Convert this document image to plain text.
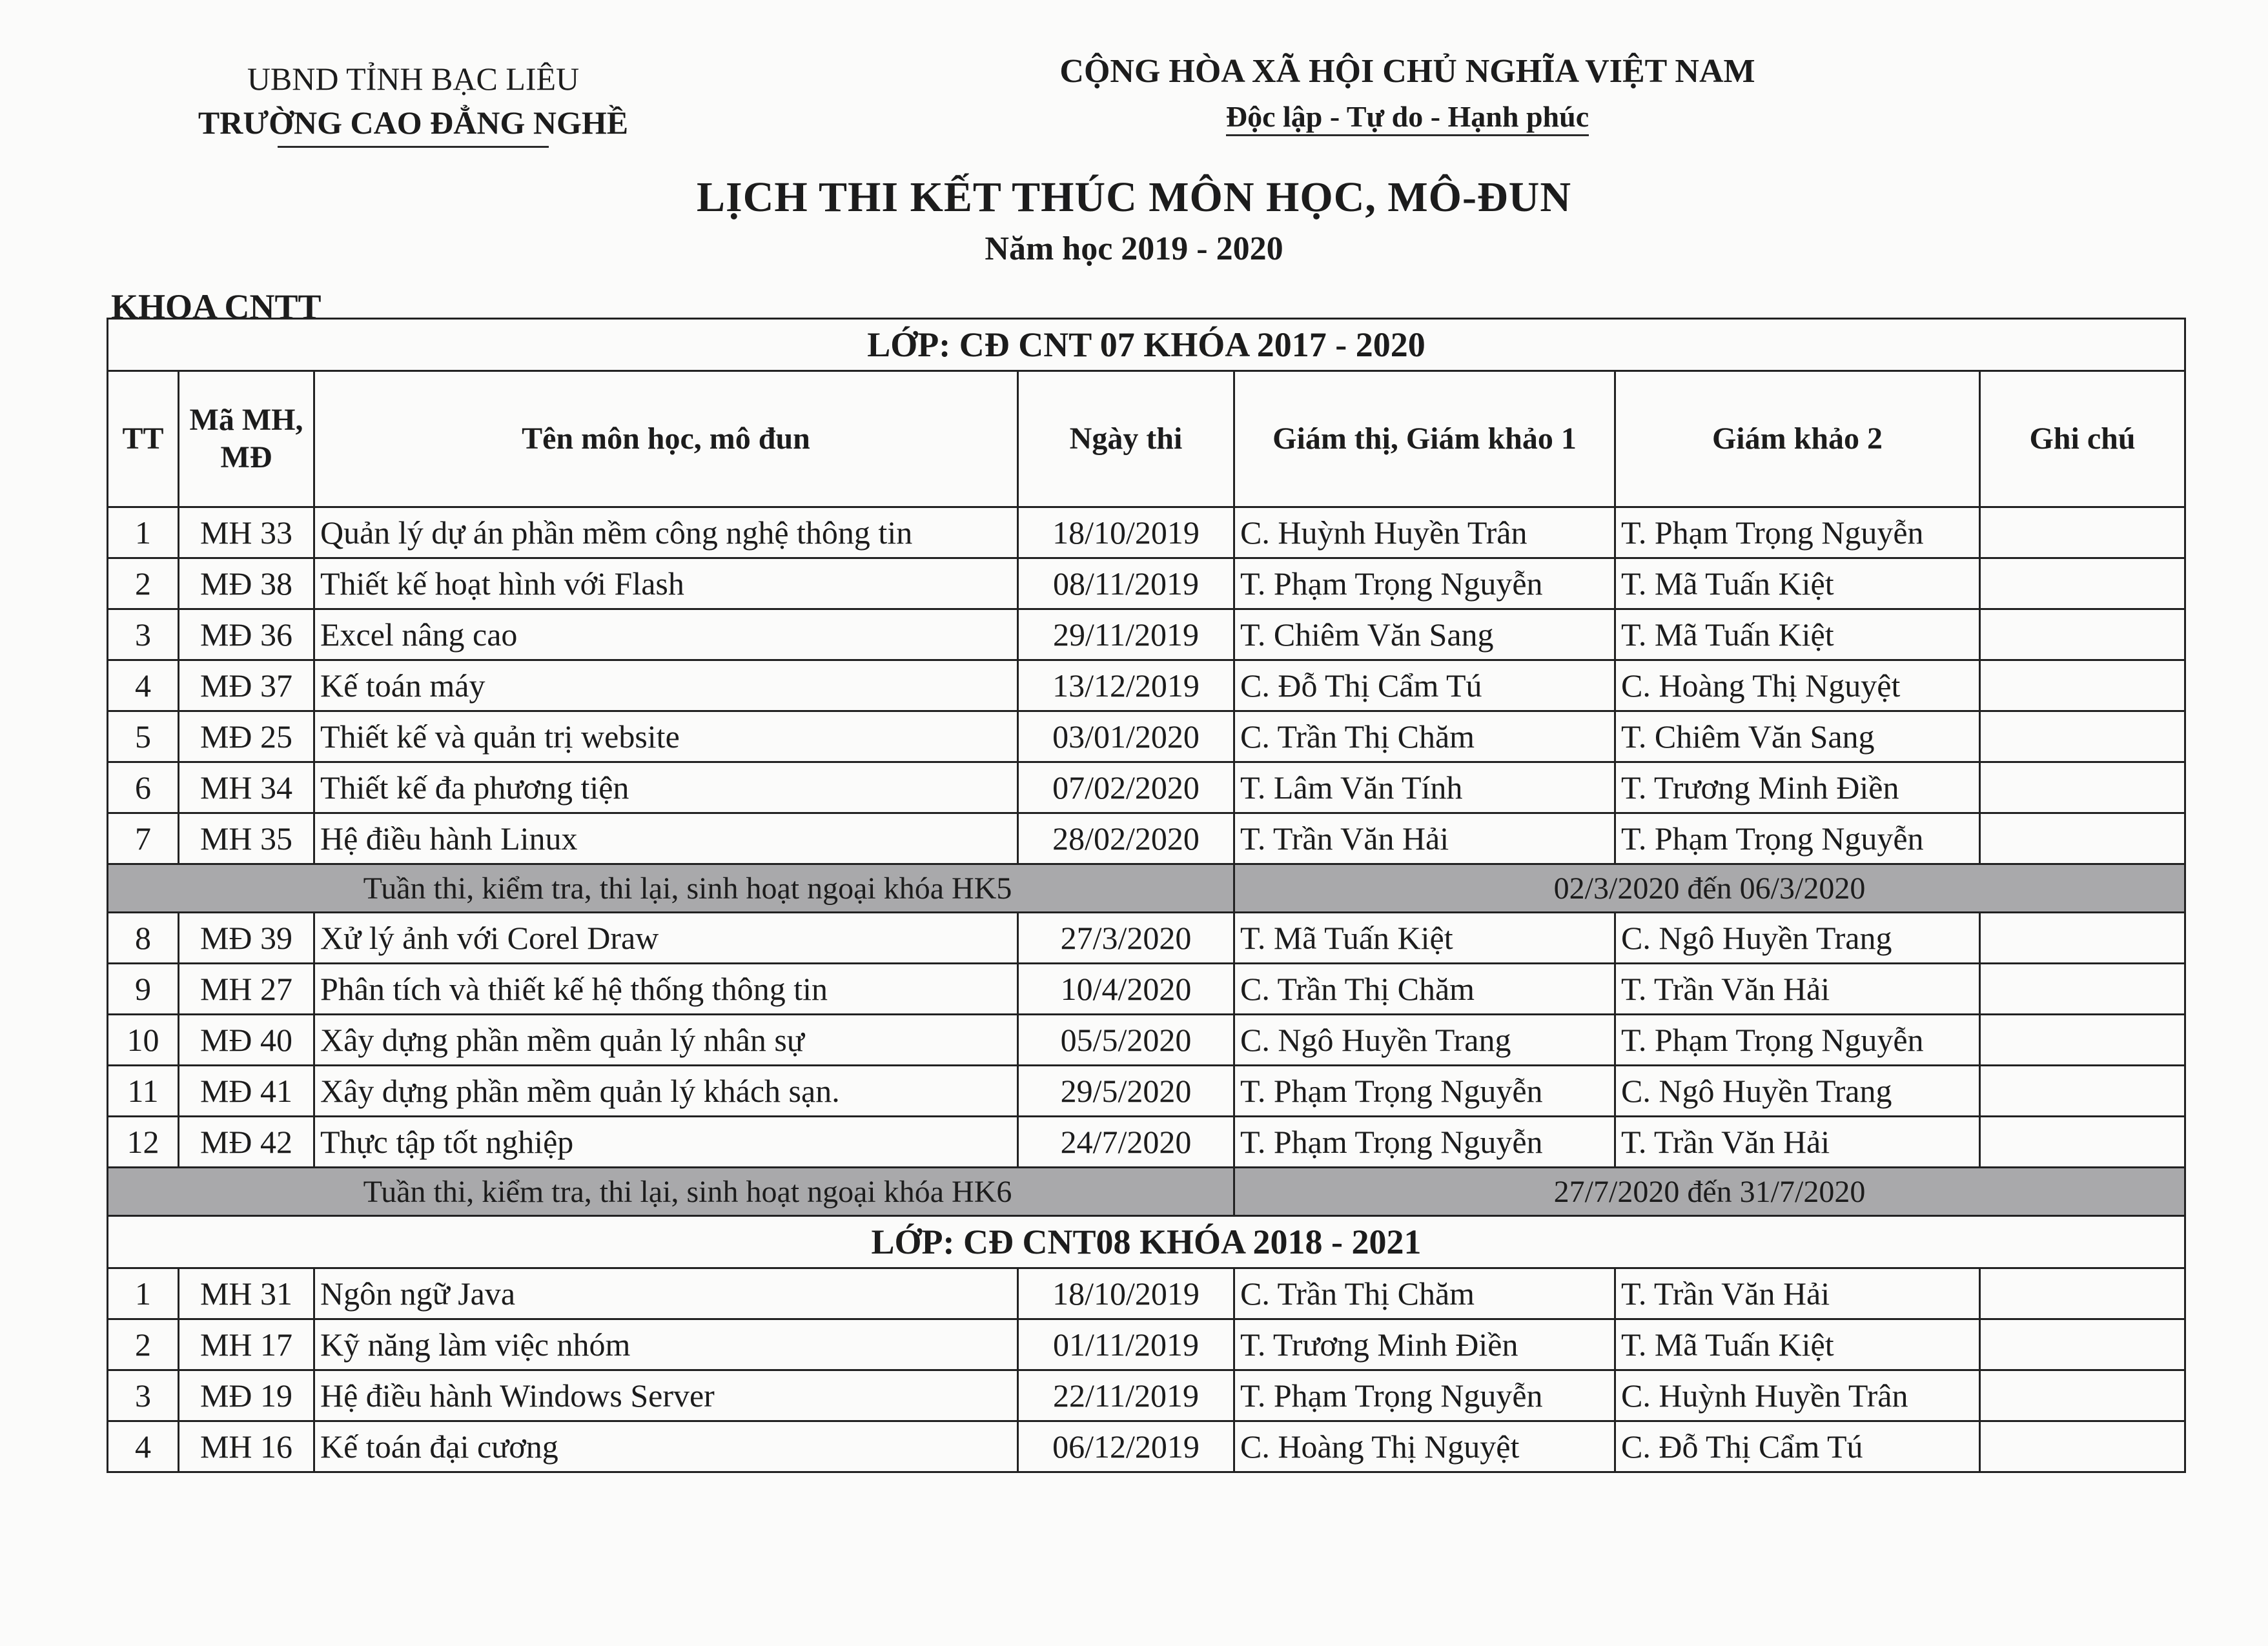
UBND TỈNH BẠC LIÊU
TRƯỜNG CAO ĐẲNG NGHỀ
CỘNG HÒA XÃ HỘI CHỦ NGHĨA VIỆT NAM
Độc lập - Tự do - Hạnh phúc
LỊCH THI KẾT THÚC MÔN HỌC, MÔ-ĐUN
Năm học 2019 - 2020
KHOA CNTT
LỚP: CĐ CNT 07 KHÓA 2017 - 2020						
TT	Mã MH, MĐ	Tên môn học, mô đun	Ngày thi	Giám thị, Giám khảo 1	Giám khảo 2	Ghi chú
1	MH 33	Quản lý dự án phần mềm công nghệ thông tin	18/10/2019	C. Huỳnh Huyền Trân	T. Phạm Trọng Nguyễn	
2	MĐ 38	Thiết kế hoạt hình với Flash	08/11/2019	T. Phạm Trọng Nguyễn	T. Mã Tuấn Kiệt	
3	MĐ 36	Excel nâng cao	29/11/2019	T. Chiêm Văn Sang	T. Mã Tuấn Kiệt	
4	MĐ 37	Kế toán máy	13/12/2019	C. Đỗ Thị Cẩm Tú	C. Hoàng Thị Nguyệt	
5	MĐ 25	Thiết kế và quản trị website	03/01/2020	C. Trần Thị Chăm	T. Chiêm Văn Sang	
6	MH 34	Thiết kế đa phương tiện	07/02/2020	T. Lâm Văn Tính	T. Trương Minh Điền	
7	MH 35	Hệ điều hành Linux	28/02/2020	T. Trần Văn Hải	T. Phạm Trọng Nguyễn	
Tuần thi, kiểm tra, thi lại, sinh hoạt ngoại khóa HK5				02/3/2020 đến 06/3/2020		
8	MĐ 39	Xử lý ảnh với Corel Draw	27/3/2020	T. Mã Tuấn Kiệt	C. Ngô Huyền Trang	
9	MH 27	Phân tích và thiết kế hệ thống thông tin	10/4/2020	C. Trần Thị Chăm	T. Trần Văn Hải	
10	MĐ 40	Xây dựng phần mềm quản lý nhân sự	05/5/2020	C. Ngô Huyền Trang	T. Phạm Trọng Nguyễn	
11	MĐ 41	Xây dựng phần mềm quản lý khách sạn.	29/5/2020	T. Phạm Trọng Nguyễn	C. Ngô Huyền Trang	
12	MĐ 42	Thực tập tốt nghiệp	24/7/2020	T. Phạm Trọng Nguyễn	T. Trần Văn Hải	
Tuần thi, kiểm tra, thi lại, sinh hoạt ngoại khóa HK6				27/7/2020 đến 31/7/2020		
LỚP: CĐ CNT08 KHÓA 2018 - 2021						
1	MH 31	Ngôn ngữ Java	18/10/2019	C. Trần Thị Chăm	T. Trần Văn Hải	
2	MH 17	Kỹ năng làm việc nhóm	01/11/2019	T. Trương Minh Điền	T. Mã Tuấn Kiệt	
3	MĐ 19	Hệ điều hành Windows Server	22/11/2019	T. Phạm Trọng Nguyễn	C. Huỳnh Huyền Trân	
4	MH 16	Kế toán đại cương	06/12/2019	C. Hoàng Thị Nguyệt	C. Đỗ Thị Cẩm Tú	
